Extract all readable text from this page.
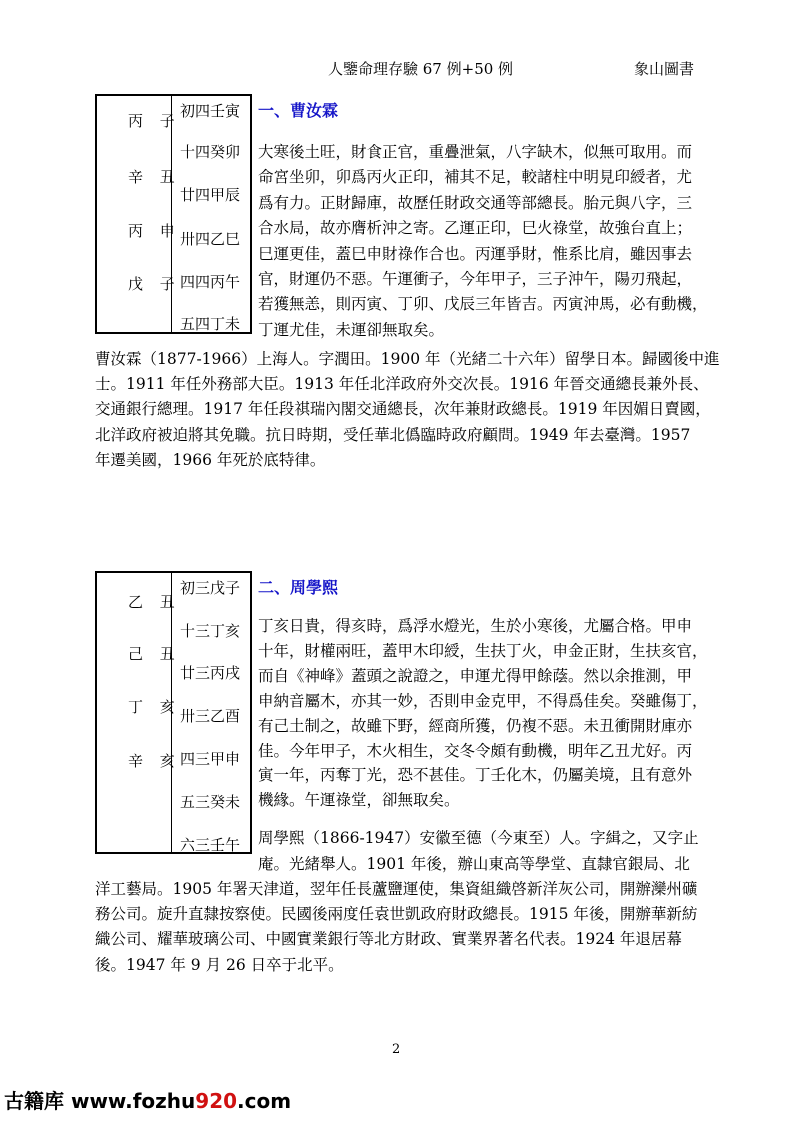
人鑒命理存驗 67 例+50 例	象山圖書
丙 子
辛 丑
丙 申
戊 子
初四壬寅
十四癸卯
廿四甲辰
卅四乙巳
四四丙午
五四丁未
一、曹汝霖

大寒後土旺，財食正官，重疊泄氣，八字缺木，似無可取用。而
命宮坐卯，卯爲丙火正印，補其不足，較諸柱中明見印綬者，尤
爲有力。正財歸庫，故歷任財政交通等部總長。胎元與八字，三
合水局，故亦膺析沖之寄。乙運正印，巳火祿堂，故強台直上；
巳運更佳，蓋巳申財祿作合也。丙運爭財，惟系比肩，雖因事去
官，財運仍不惡。午運衝子，今年甲子，三子沖午，陽刃飛起，
若獲無恙，則丙寅、丁卯、戊辰三年皆吉。丙寅沖馬，必有動機，
丁運尤佳，未運卻無取矣。

曹汝霖（1877-1966）上海人。字潤田。1900 年（光緒二十六年）留學日本。歸國後中進
士。1911 年任外務部大臣。1913 年任北洋政府外交次長。1916 年晉交通總長兼外長、
交通銀行總理。1917 年任段祺瑞內閣交通總長，次年兼財政總長。1919 年因媚日賣國，
北洋政府被迫將其免職。抗日時期，受任華北僞臨時政府顧問。1949 年去臺灣。1957
年遷美國，1966 年死於底特律。

乙 丑
己 丑
丁 亥
辛 亥
初三戊子
十三丁亥
廿三丙戌
卅三乙酉
四三甲申
五三癸未
六三壬午
二、周學熙

丁亥日貴，得亥時，爲浮水燈光，生於小寒後，尤屬合格。甲申
十年，財權兩旺，蓋甲木印綬，生扶丁火，申金正財，生扶亥官，
而自《神峰》蓋頭之說證之，申運尤得甲餘蔭。然以余推測，甲
申納音屬木，亦其一妙，否則申金克甲，不得爲佳矣。癸雖傷丁，
有己土制之，故雖下野，經商所獲，仍複不惡。未丑衝開財庫亦
佳。今年甲子，木火相生，交冬令頗有動機，明年乙丑尤好。丙
寅一年，丙奪丁光，恐不甚佳。丁壬化木，仍屬美境，且有意外
機緣。午運祿堂，卻無取矣。

周學熙（1866-1947）安徽至德（今東至）人。字緝之，又字止
庵。光緒舉人。1901 年後，辦山東高等學堂、直隸官銀局、北

洋工藝局。1905 年署天津道，翌年任長蘆鹽運使，集資組織啓新洋灰公司，開辦灤州礦
務公司。旋升直隸按察使。民國後兩度任袁世凱政府財政總長。1915 年後，開辦華新紡
織公司、耀華玻璃公司、中國實業銀行等北方財政、實業界著名代表。1924 年退居幕
後。1947 年 9 月 26 日卒于北平。

2
古籍库 www.fozhu920.com
